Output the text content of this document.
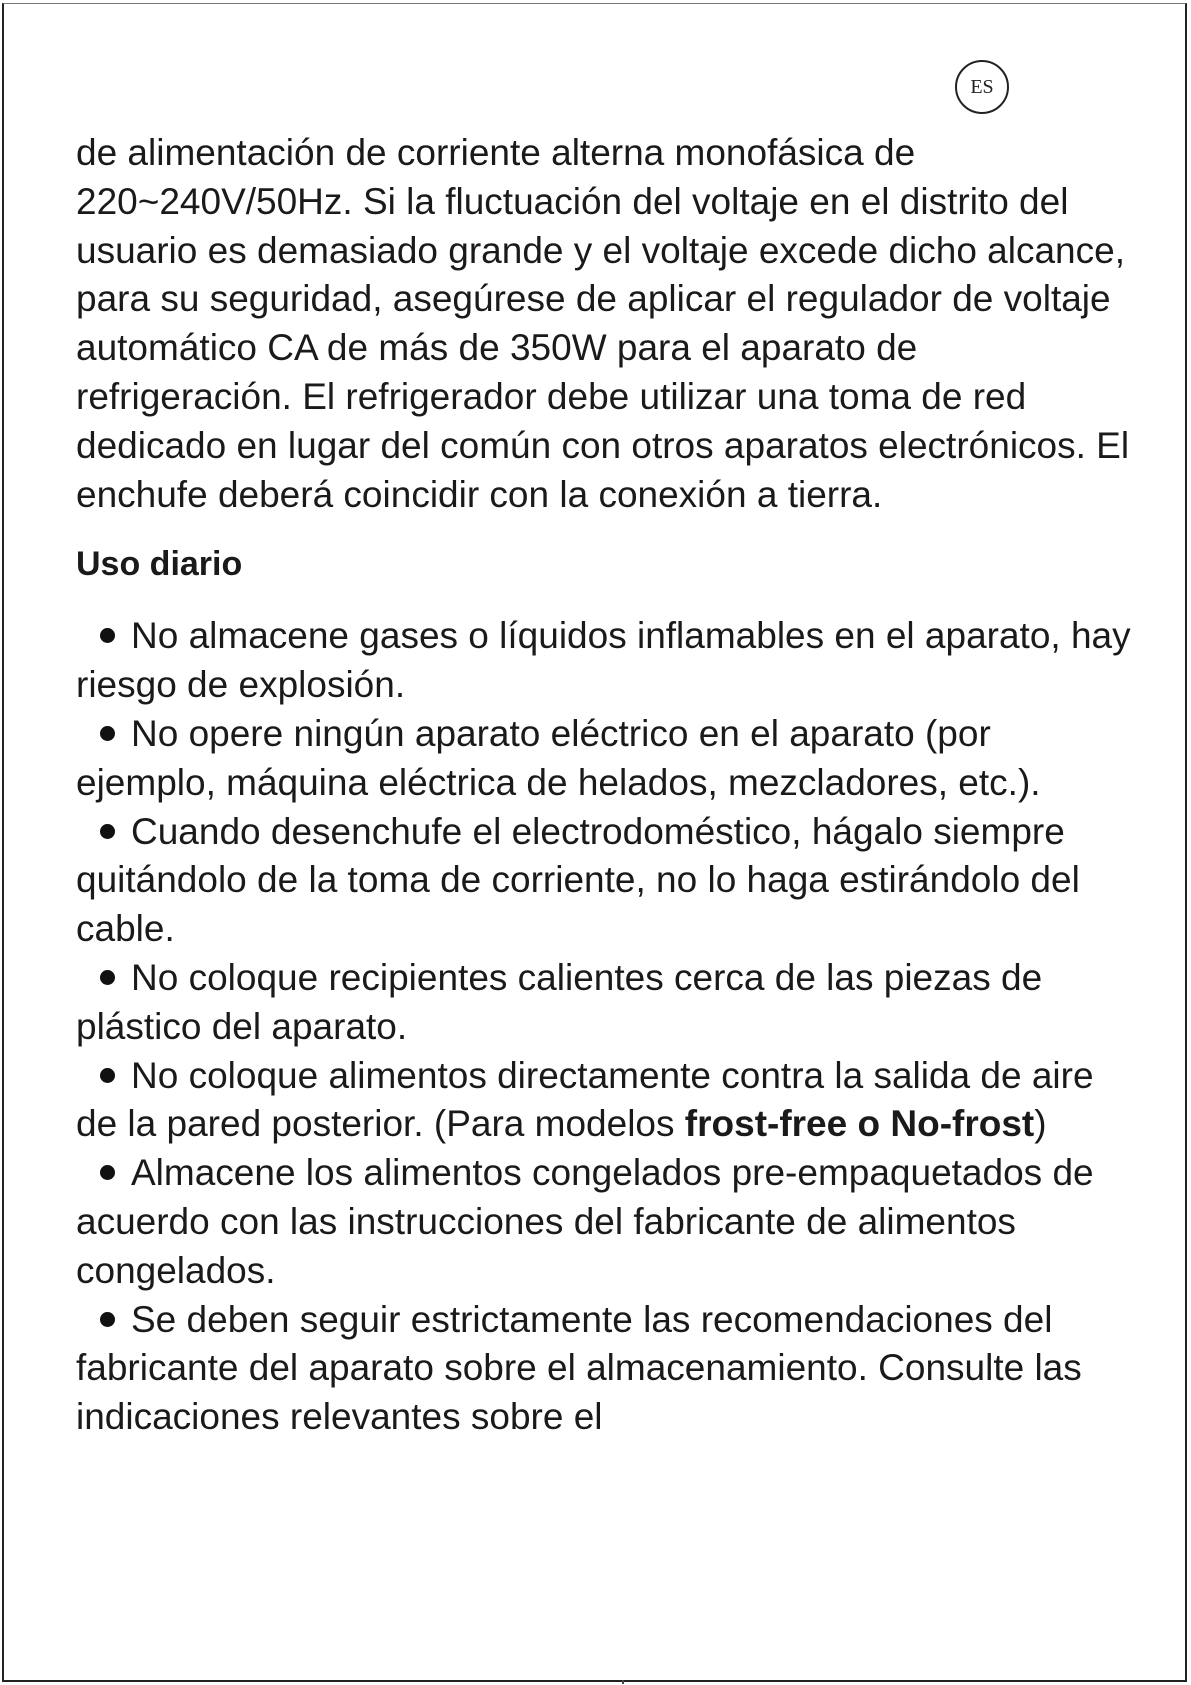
ES

de alimentación de corriente alterna monofásica de 220~240V/50Hz. Si la fluctuación del voltaje en el distrito del usuario es demasiado grande y el voltaje excede dicho alcance, para su seguridad, asegúrese de aplicar el regulador de voltaje automático CA de más de 350W para el aparato de refrigeración. El refrigerador debe utilizar una toma de red dedicado en lugar del común con otros aparatos electrónicos. El enchufe deberá coincidir con la conexión a tierra.

Uso diario

No almacene gases o líquidos inflamables en el aparato, hay riesgo de explosión.

No opere ningún aparato eléctrico en el aparato (por ejemplo, máquina eléctrica de helados, mezcladores, etc.).

Cuando desenchufe el electrodoméstico, hágalo siempre quitándolo de la toma de corriente, no lo haga estirándolo del cable.

No coloque recipientes calientes cerca de las piezas de plástico del aparato.

No coloque alimentos directamente contra la salida de aire de la pared posterior. (Para modelos frost-free o No-frost)

Almacene los alimentos congelados pre-empaquetados de acuerdo con las instrucciones del fabricante de alimentos congelados.

Se deben seguir estrictamente las recomendaciones del fabricante del aparato sobre el almacenamiento. Consulte las indicaciones relevantes sobre el
